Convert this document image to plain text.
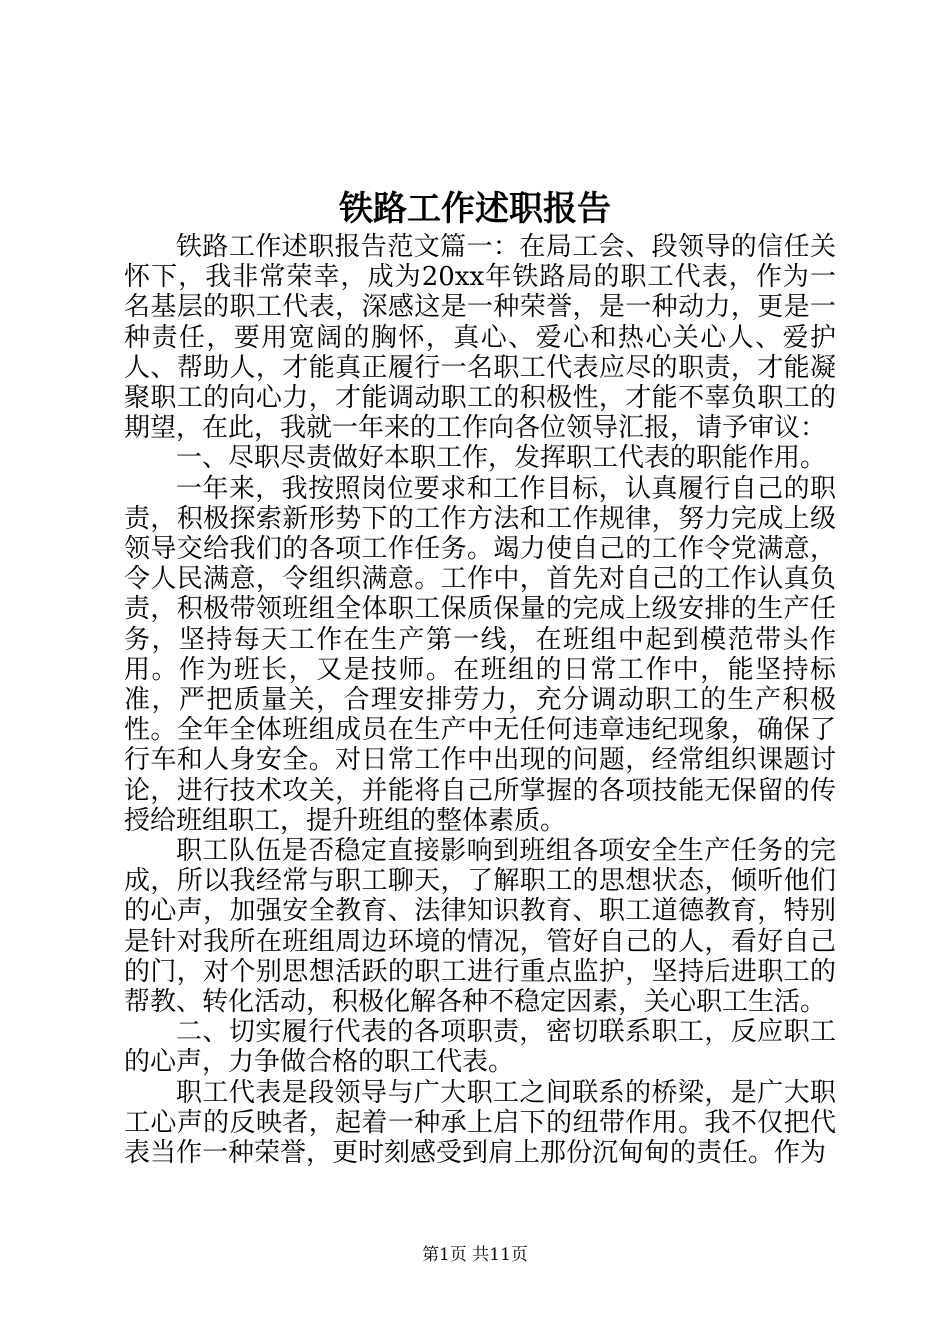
铁路工作述职报告

铁路工作述职报告范文篇一：在局工会、段领导的信任关怀下，我非常荣幸，成为20xx年铁路局的职工代表，作为一名基层的职工代表，深感这是一种荣誉，是一种动力，更是一种责任，要用宽阔的胸怀，真心、爱心和热心关心人、爱护人、帮助人，才能真正履行一名职工代表应尽的职责，才能凝聚职工的向心力，才能调动职工的积极性，才能不辜负职工的期望，在此，我就一年来的工作向各位领导汇报，请予审议：

一、尽职尽责做好本职工作，发挥职工代表的职能作用。

一年来，我按照岗位要求和工作目标，认真履行自己的职责，积极探索新形势下的工作方法和工作规律，努力完成上级领导交给我们的各项工作任务。竭力使自己的工作令党满意，令人民满意，令组织满意。工作中，首先对自己的工作认真负责，积极带领班组全体职工保质保量的完成上级安排的生产任务，坚持每天工作在生产第一线，在班组中起到模范带头作用。作为班长，又是技师。在班组的日常工作中，能坚持标准，严把质量关，合理安排劳力，充分调动职工的生产积极性。全年全体班组成员在生产中无任何违章违纪现象，确保了行车和人身安全。对日常工作中出现的问题，经常组织课题讨论，进行技术攻关，并能将自己所掌握的各项技能无保留的传授给班组职工，提升班组的整体素质。

职工队伍是否稳定直接影响到班组各项安全生产任务的完成，所以我经常与职工聊天，了解职工的思想状态，倾听他们的心声，加强安全教育、法律知识教育、职工道德教育，特别是针对我所在班组周边环境的情况，管好自己的人，看好自己的门，对个别思想活跃的职工进行重点监护，坚持后进职工的帮教、转化活动，积极化解各种不稳定因素，关心职工生活。

二、切实履行代表的各项职责，密切联系职工，反应职工的心声，力争做合格的职工代表。

职工代表是段领导与广大职工之间联系的桥梁，是广大职工心声的反映者，起着一种承上启下的纽带作用。我不仅把代表当作一种荣誉，更时刻感受到肩上那份沉甸甸的责任。作为

第1页 共11页
